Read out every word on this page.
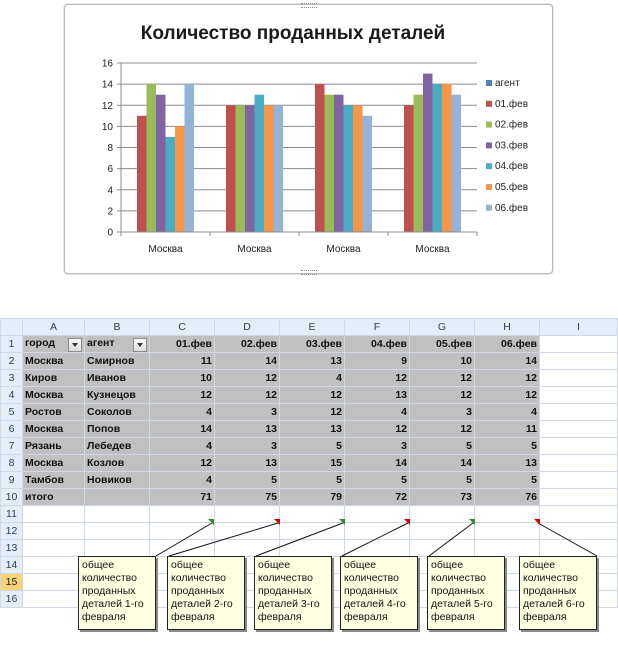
Количество проданных деталей
0
2
4
6
8
10
12
14
16
Москва	Москва	Москва	Москва
агент
01.фев
02.фев
03.фев
04.фев
05.фев
06.фев
	A	B	C	D	E	F	G	H	I
1	город	агент	01.фев	02.фев	03.фев	04.фев	05.фев	06.фев	
2	Москва	Смирнов	11	14	13	9	10	14	
3	Киров	Иванов	10	12	4	12	12	12	
4	Москва	Кузнецов	12	12	12	13	12	12	
5	Ростов	Соколов	4	3	12	4	3	4	
6	Москва	Попов	14	13	13	12	12	11	
7	Рязань	Лебедев	4	3	5	3	5	5	
8	Москва	Козлов	12	13	15	14	14	13	
9	Тамбов	Новиков	4	5	5	5	5	5	
10	итого		71	75	79	72	73	76	
11									
12									
13									
14									
15									
16									
общее
количество
проданных
деталей 1-го
февраля
общее
количество
проданных
деталей 2-го
февраля
общее
количество
проданных
деталей 3-го
февраля
общее
количество
проданных
деталей 4-го
февраля
общее
количество
проданных
деталей 5-го
февраля
общее
количество
проданных
деталей 6-го
февраля
